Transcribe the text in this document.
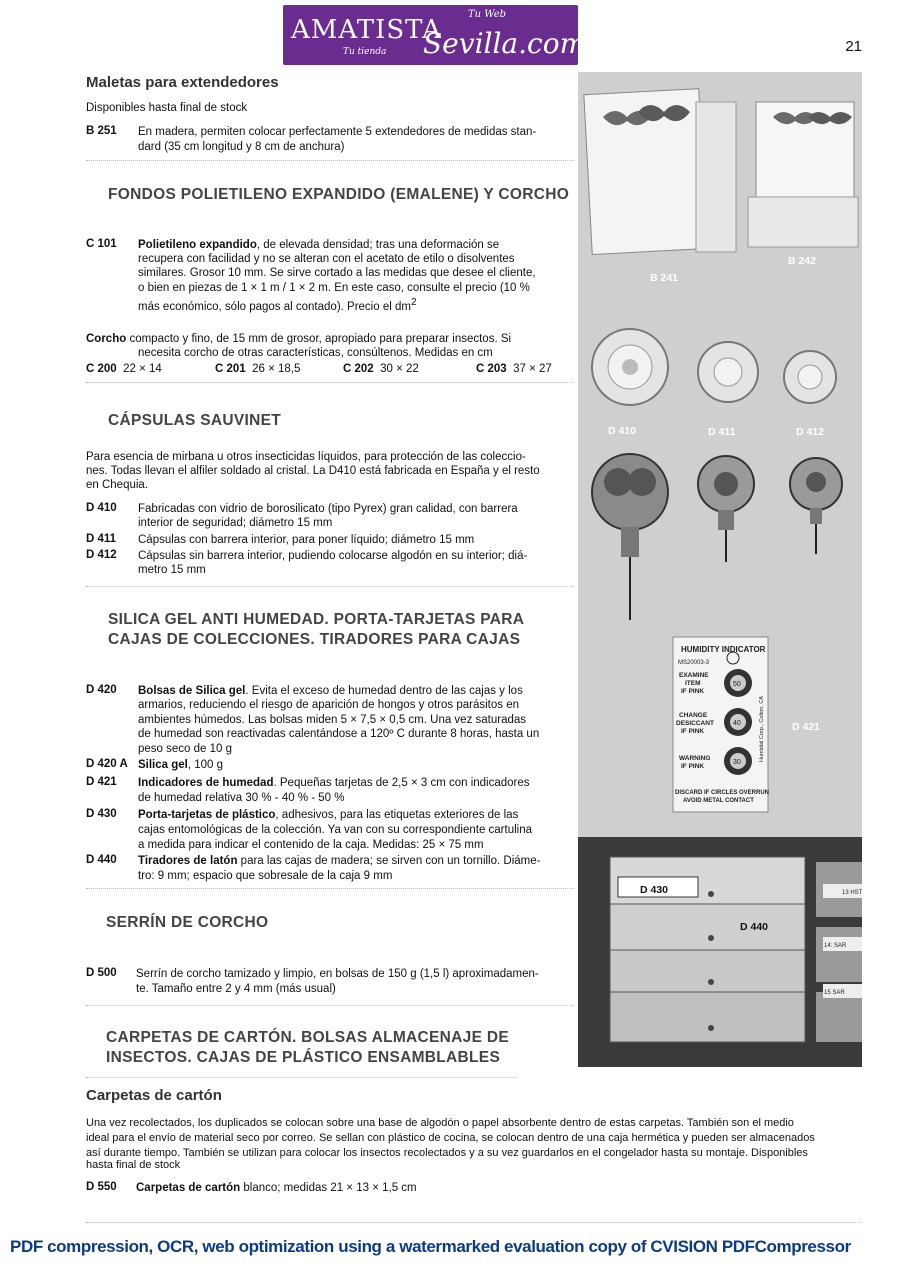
AMATISTA
Tu Web
Sevilla.com
Tu tienda	21
B 241
B 242
D 410	D 411	D 412
HUMIDITY INDICATOR
MS20003-3
EXAMINE
ITEM
IF PINK
50
CHANGE
DESICCANT
IF PINK
40
WARNING
IF PINK
30
Humidial Corp., Colton, CA
DISCARD IF CIRCLES OVERRUN
AVOID METAL CONTACT
D 421
13 HST
14: SAR
15 SAR
D 430
D 440
Maletas para extendedores
Disponibles hasta final de stock
B 251 En madera, permiten colocar perfectamente 5 extendedores de medidas stan-
dard (35 cm longitud y 8 cm de anchura)
FONDOS POLIETILENO EXPANDIDO (EMALENE) Y CORCHO
C 101 Polietileno expandido, de elevada densidad; tras una deformación se
recupera con facilidad y no se alteran con el acetato de etilo o disolventes
similares. Grosor 10 mm. Se sirve cortado a las medidas que desee el cliente,
o bien en piezas de 1 × 1 m / 1 × 2 m. En este caso, consulte el precio (10 %
más económico, sólo pagos al contado). Precio el $dm^2$
Corcho compacto y fino, de 15 mm de grosor, apropiado para preparar insectos. Si
necesita corcho de otras características, consúltenos. Medidas en cm
C 200 22 × 14	C 201 26 × 18,5	C 202 30 × 22	C 203 37 × 27
CÁPSULAS SAUVINET
Para esencia de mirbana u otros insecticidas líquidos, para protección de las coleccio-
nes. Todas llevan el alfiler soldado al cristal. La D410 está fabricada en España y el resto
en Chequia.
D 410 Fabricadas con vidrio de borosilicato (tipo Pyrex) gran calidad, con barrera
interior de seguridad; diámetro 15 mm
D 411 Cápsulas con barrera interior, para poner líquido; diámetro 15 mm
D 412 Cápsulas sin barrera interior, pudiendo colocarse algodón en su interior; diá-
metro 15 mm
SILICA GEL ANTI HUMEDAD. PORTA-TARJETAS PARA
CAJAS DE COLECCIONES. TIRADORES PARA CAJAS
D 420 Bolsas de Silica gel. Evita el exceso de humedad dentro de las cajas y los
armarios, reduciendo el riesgo de aparición de hongos y otros parásitos en
ambientes húmedos. Las bolsas miden 5 × 7,5 × 0,5 cm. Una vez saturadas
de humedad son reactivadas calentándose a 120º C durante 8 horas, hasta un
peso seco de 10 g
D 420 A Silica gel, 100 g
D 421 Indicadores de humedad. Pequeñas tarjetas de 2,5 × 3 cm con indicadores
de humedad relativa 30 % - 40 % - 50 %
D 430 Porta-tarjetas de plástico, adhesivos, para las etiquetas exteriores de las
cajas entomológicas de la colección. Ya van con su correspondiente cartulina
a medida para indicar el contenido de la caja. Medidas: 25 × 75 mm
D 440 Tiradores de latón para las cajas de madera; se sirven con un tornillo. Diáme-
tro: 9 mm; espacio que sobresale de la caja 9 mm
SERRÍN DE CORCHO
D 500 Serrín de corcho tamizado y limpio, en bolsas de 150 g (1,5 l) aproximadamen-
te. Tamaño entre 2 y 4 mm (más usual)
CARPETAS DE CARTÓN. BOLSAS ALMACENAJE DE
INSECTOS. CAJAS DE PLÁSTICO ENSAMBLABLES
Carpetas de cartón
Una vez recolectados, los duplicados se colocan sobre una base de algodón o papel absorbente dentro de estas carpetas. También son el medio
ideal para el envío de material seco por correo. Se sellan con plástico de cocina, se colocan dentro de una caja hermética y pueden ser almacenados
así durante tiempo. También se utilizan para colocar los insectos recolectados y a su vez guardarlos en el congelador hasta su montaje. Disponibles
hasta final de stock
D 550 Carpetas de cartón blanco; medidas 21 × 13 × 1,5 cm
PDF compression, OCR, web optimization using a watermarked evaluation copy of CVISION PDFCompressor
